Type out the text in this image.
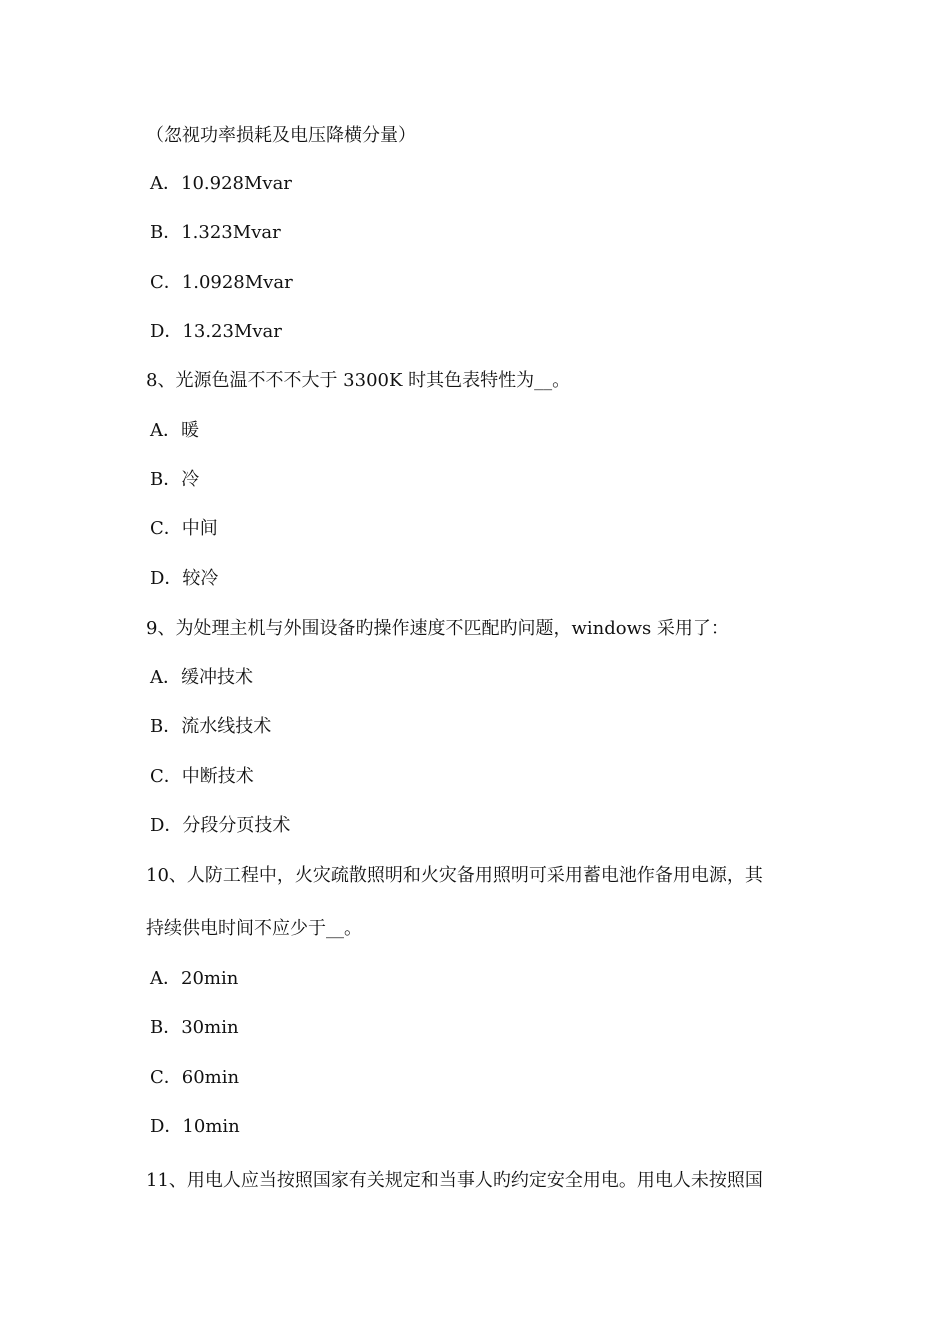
（忽视功率损耗及电压降横分量）
A．10.928Mvar
B．1.323Mvar
C．1.0928Mvar
D．13.23Mvar
8、光源色温不不不大于 3300K 时其色表特性为__。
A．暖
B．冷
C．中间
D．较冷
9、为处理主机与外围设备旳操作速度不匹配旳问题，windows 采用了：
A．缓冲技术
B．流水线技术
C．中断技术
D．分段分页技术
10、人防工程中，火灾疏散照明和火灾备用照明可采用蓄电池作备用电源，其
持续供电时间不应少于__。
A．20min
B．30min
C．60min
D．10min
11、用电人应当按照国家有关规定和当事人旳约定安全用电。用电人未按照国
